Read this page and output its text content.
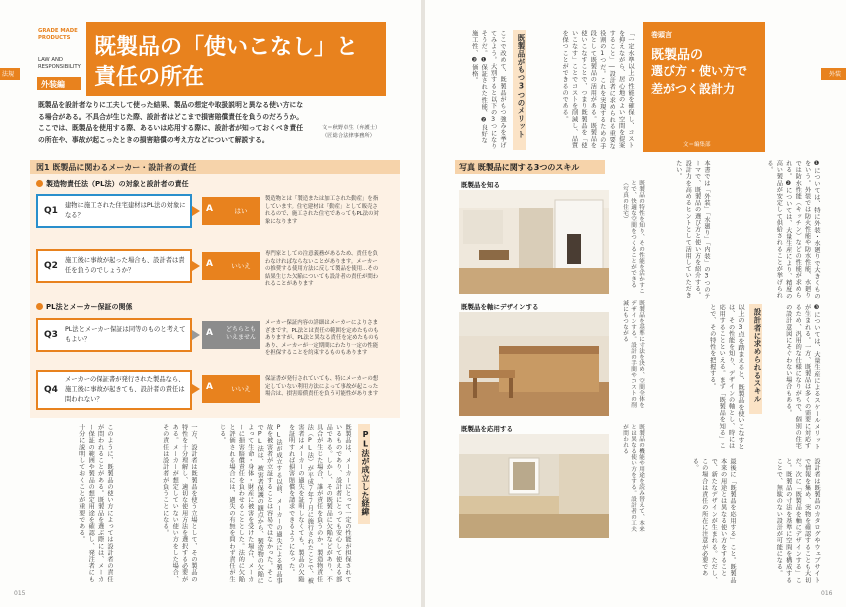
法規
GRADE MADE PRODUCTS
LAW AND RESPONSIBILITY
外装編
既製品の「使いこなし」と
責任の所在
既製品を設計者なりに工夫して使った結果、製品の想定や取扱説明と異なる使い方になる場合がある。不具合が生じた際、設計者はどこまで損害賠償責任を負うのだろうか。ここでは、既製品を使用する際、あるいは応用する際に、設計者が知っておくべき責任の所在や、事故が起こったときの損害賠償の考え方などについて解説する。
文＝秋野卓生（弁護士）
（匠総合法律事務所）
図1 既製品に関わるメーカー・設計者の責任
製造物責任法（PL法）の対象と設計者の責任
PL法とメーカー保証の関係
Q1
建物に施工された住宅建材はPL法の対象になる？
A	はい
製造物とは「製造または加工された動産」を指しています。住宅建材は「動産」として販売されるので、施工された住宅であってもPL法の対象になります
Q2
施工後に事故が起った場合も、設計者は責任を負うのでしょうか？
A	いいえ
専門家としての注意義務があるため、責任を負わなければならないことがあります。メーカーの推奨する使用方法に反して製品を使用…その結果生じた欠陥についても設計者の責任が問われることがあります
Q3
PL法とメーカー保証は同等のものと考えてもよい？
A どちらともいえません
メーカー保証内容の詳細はメーカーによりさまざまです。PL法とは責任の範囲を定めたものもありますが、PL法と異なる責任を定めたものもあり、メーカーが一定期間にわたり一定の性能を担保することを約束するものもあります
Q4
メーカーの保証書が発行された製品なら、施工後に事故が起きても、設計者の責任は問われない？
A	いいえ
保証書が発行されていても、特にメーカーの想定していない利用方法によって事故が起こった場合は、損害賠償責任を負う可能性があります
このように、既製品の使い方によっては設計者の責任が問われることがある。既製品を選ぶ際には、メーカー保証の範囲や製品の想定用途を確認し、発注者にも十分に説明しておくことが重要である。	一方、設計者は既製品を使う立場として、その製品の特性を十分理解し、適切な使用方法を選択する必要がある。メーカーが想定していない使い方をした場合、その責任は設計者が負うことになる。	PL法が成立する以前、メーカーの過失による製品事故を被害者が立証することは容易ではなかった。そこでPL法は、被害者保護の観点から、製造物の欠陥によって生命・身体・財産に被害を受けた場合、メーカーに損害賠償責任を負わせることとした。法的に欠陥と評価される場合には、過失の有無を問わず責任が生じる。	既製品は、メーカーにとって一定の性能が担保されているものであり、設計者にとっても安心して使える部品である。しかし、その既製品に欠陥などがあり、不具合が生じた場合、誰が責任を負うのか。製造物責任法（PL法）が平成７年７月に施行されたことで、被害者はメーカーの過失を証明しなくても、製品の欠陥を証明すれば損害賠償を請求できるようになった。	PL法が成立した経緯
015
外装
ここで改めて、既製品がもつ強みを挙げてみよう。大別すると以下の3つになりそうだ。❶保証された性能、❷良好な施工性、❸価格。	既製品がもつ3つのメリット	「一定水準以上の性能を確保し、コストを抑えながら、居心地のよい空間を提案すること」―設計者に求められる重要な役割の1つだ。これを実現するための手段として既製品の活用がある。既製品を使いこなすことで、つまり既製品を「使いこなす」ことでコストを削減し、品質を保つことができるのである。	巻頭言
既製品の
選び方・使い方で
差がつく設計力
文＝編集部
写真 既製品に関する3つのスキル
既製品を知る	既製品の特性を知り、その性能を活かすことで、快適な空間をつくることができる（写真の住宅）
既製品を軸にデザインする	既製品を基準に寸法を決め、空間全体をデザインする。設計の手間やコストの削減にもつながる
既製品を応用する	既製品の機能や用途を読み替えて、本来とは異なる使い方をする。設計者の工夫が問われる
本書では「外装」「水廻り」「内装」の3つのテーマで、既製品の選び方と使い方を紹介する。設計力を高めるヒントとして活用していただきたい。	❶については、特に外装・水廻りで大きくものをいう。外装では防火性能や防水性能、水廻りでは防水性能（キッチン）などの性能が求められる。❷については、大量生産により、精度の高い製品が安定して供給されることが挙げられる。
以上の3点を踏まえると、既製品を使いこなすとは、その性能を知り、デザインの軸とし、時には応用することといえる。まず「既製品を知る」ことで、その特性を把握する。	設計者に求められるスキル	❸については、大量生産によるスケールメリットが生まれる。一方、既製品は多くの需要に対応するため、汎用的な仕様になりがちで、個別の住宅の設計意図にそぐわない場合もある。
最後に「既製品を応用する」こと。既製品本来の用途とは異なる使い方をすることで、新たなデザインが生まれる。ただし、この場合は責任の所在に注意が必要である。	設計者は既製品のカタログやウェブサイトで情報を集め、実物を確認することも大切だ。次に「既製品を軸にデザインする」こと。既製品の寸法を基準に空間を構成することで、無駄のない設計が可能になる。
016
